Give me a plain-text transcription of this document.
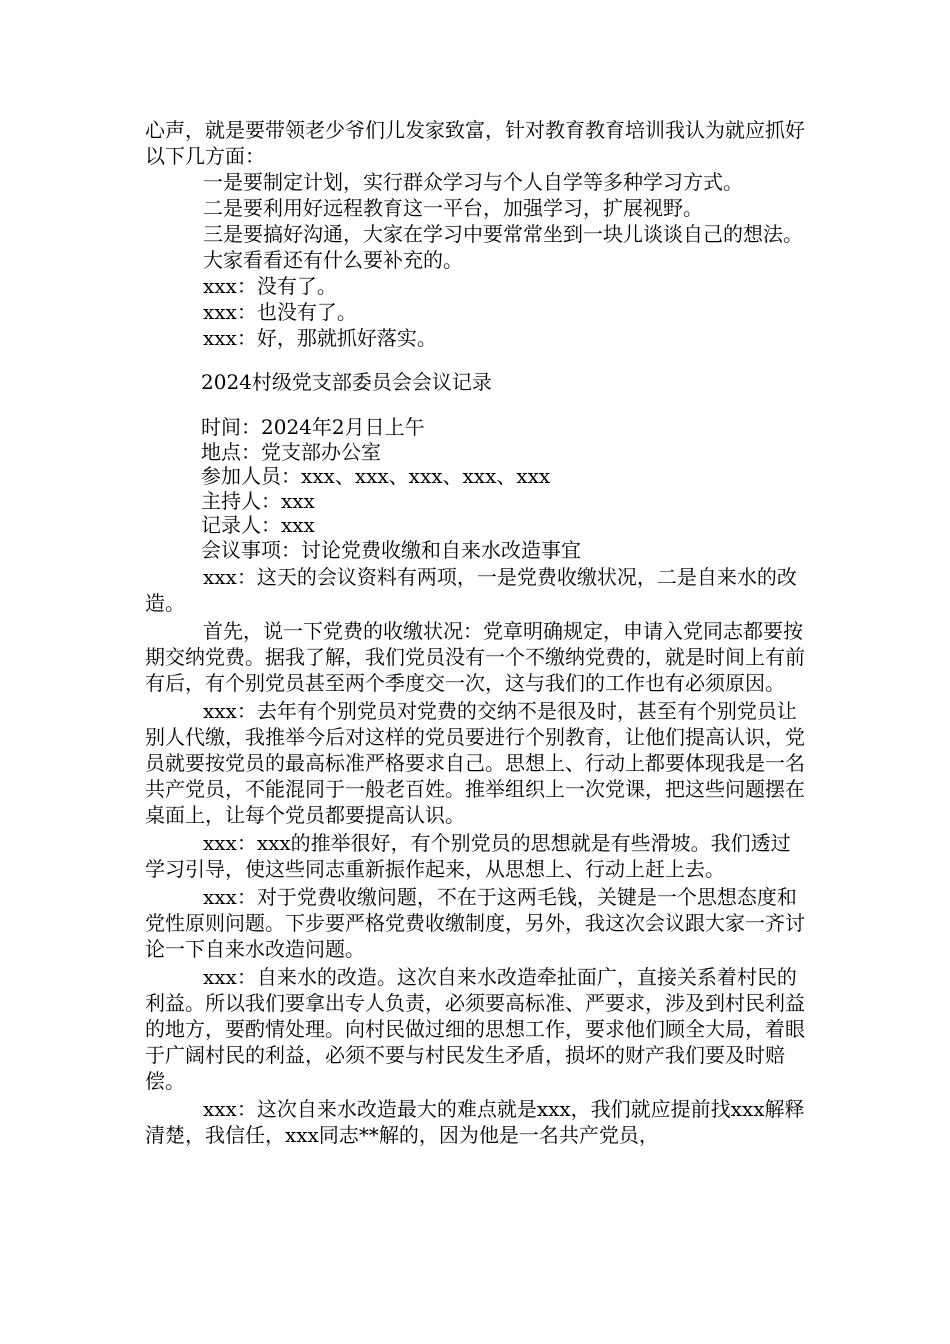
心声，就是要带领老少爷们儿发家致富，针对教育教育培训我认为就应抓好以下几方面：

一是要制定计划，实行群众学习与个人自学等多种学习方式。

二是要利用好远程教育这一平台，加强学习，扩展视野。

三是要搞好沟通，大家在学习中要常常坐到一块儿谈谈自己的想法。

大家看看还有什么要补充的。

xxx：没有了。

xxx：也没有了。

xxx：好，那就抓好落实。

2024村级党支部委员会会议记录

时间：2024年2月日上午

地点：党支部办公室

参加人员：xxx、xxx、xxx、xxx、xxx

主持人：xxx

记录人：xxx

会议事项：讨论党费收缴和自来水改造事宜

xxx：这天的会议资料有两项，一是党费收缴状况，二是自来水的改造。

首先，说一下党费的收缴状况：党章明确规定，申请入党同志都要按期交纳党费。据我了解，我们党员没有一个不缴纳党费的，就是时间上有前有后，有个别党员甚至两个季度交一次，这与我们的工作也有必须原因。

xxx：去年有个别党员对党费的交纳不是很及时，甚至有个别党员让别人代缴，我推举今后对这样的党员要进行个别教育，让他们提高认识，党员就要按党员的最高标准严格要求自己。思想上、行动上都要体现我是一名共产党员，不能混同于一般老百姓。推举组织上一次党课，把这些问题摆在桌面上，让每个党员都要提高认识。

xxx：xxx的推举很好，有个别党员的思想就是有些滑坡。我们透过学习引导，使这些同志重新振作起来，从思想上、行动上赶上去。

xxx：对于党费收缴问题，不在于这两毛钱，关键是一个思想态度和党性原则问题。下步要严格党费收缴制度，另外，我这次会议跟大家一齐讨论一下自来水改造问题。

xxx：自来水的改造。这次自来水改造牵扯面广，直接关系着村民的利益。所以我们要拿出专人负责，必须要高标准、严要求，涉及到村民利益的地方，要酌情处理。向村民做过细的思想工作，要求他们顾全大局，着眼于广阔村民的利益，必须不要与村民发生矛盾，损坏的财产我们要及时赔偿。

xxx：这次自来水改造最大的难点就是xxx，我们就应提前找xxx解释清楚，我信任，xxx同志**解的，因为他是一名共产党员，
